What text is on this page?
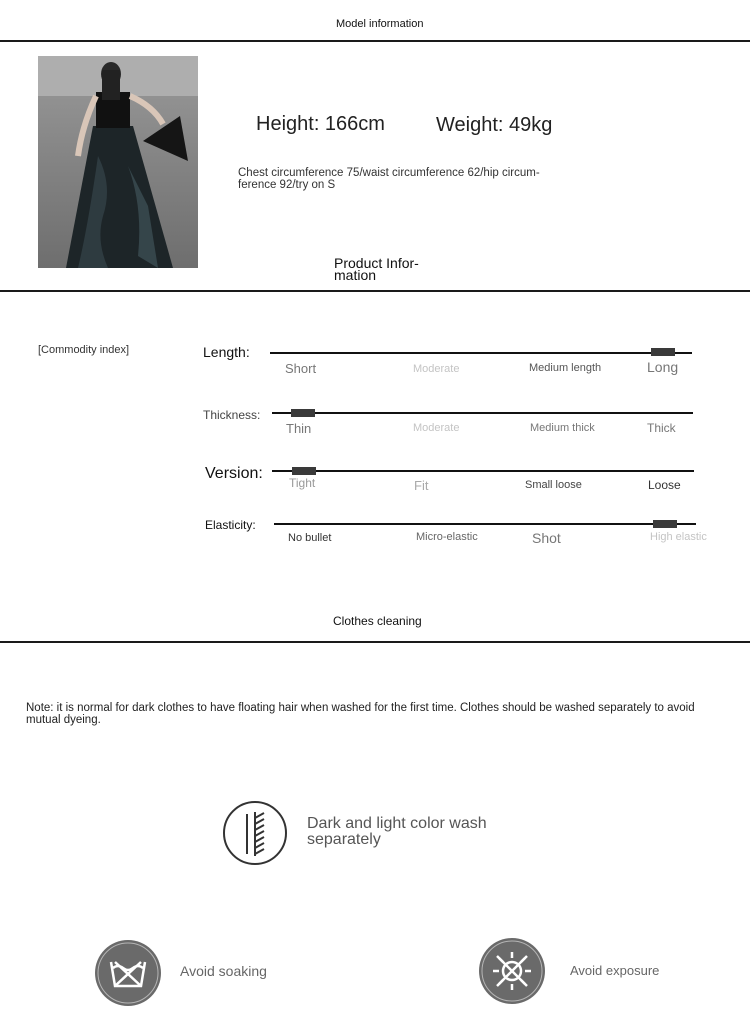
Model information
Height: 166cm	Weight: 49kg
Chest circumference 75/waist circumference 62/hip circum-
ference 92/try on S
Product Infor-
mation
[Commodity index]	Length:
Short	Moderate	Medium length	Long
Thickness:
Thin	Moderate	Medium thick	Thick
Version:
Tight	Fit	Small loose	Loose
Elasticity:
No bullet	Micro-elastic	Shot	High elastic
Clothes cleaning
Note: it is normal for dark clothes to have floating hair when washed for the first time. Clothes should be washed separately to avoid
mutual dyeing.
Dark and light color wash
separately
Avoid soaking	Avoid exposure
